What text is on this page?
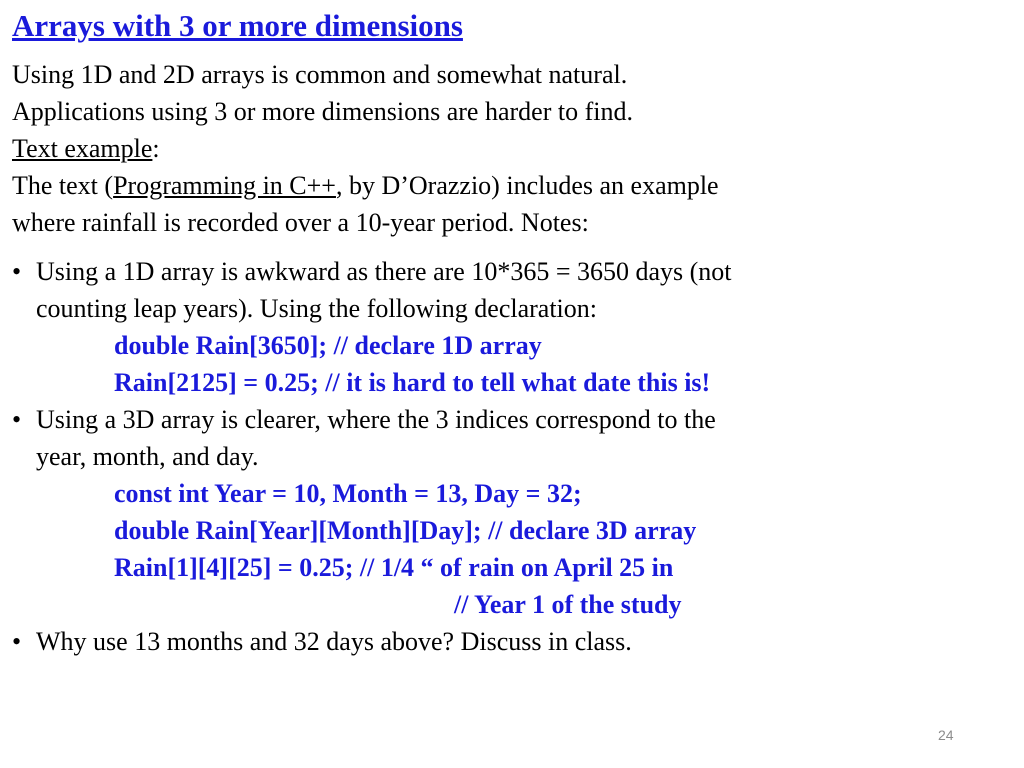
Arrays with 3 or more dimensions
Using 1D and 2D arrays is common and somewhat natural.
Applications using 3 or more dimensions are harder to find.
Text example:
The text (Programming in C++, by D’Orazzio) includes an example
where rainfall is recorded over a 10-year period. Notes:
• Using a 1D array is awkward as there are 10*365 = 3650 days (not
counting leap years). Using the following declaration:
double Rain[3650]; // declare 1D array
Rain[2125] = 0.25; // it is hard to tell what date this is!
• Using a 3D array is clearer, where the 3 indices correspond to the
year, month, and day.
const int Year = 10, Month = 13, Day = 32;
double Rain[Year][Month][Day]; // declare 3D array
Rain[1][4][25] = 0.25; // 1/4 “ of rain on April 25 in
// Year 1 of the study
• Why use 13 months and 32 days above? Discuss in class.
24
